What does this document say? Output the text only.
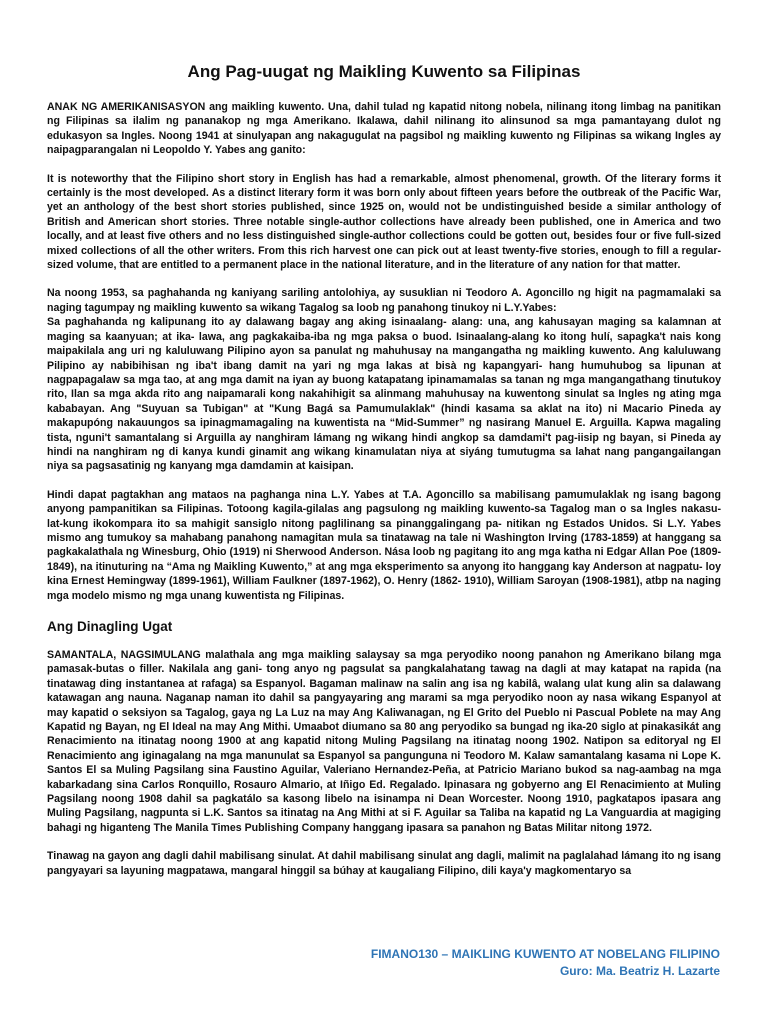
Ang Pag-uugat ng Maikling Kuwento sa Filipinas

ANAK NG AMERIKANISASYON ang maikling kuwento. Una, dahil tulad ng kapatid nitong nobela, nilinang itong limbag na panitikan ng Filipinas sa ilalim ng pananakop ng mga Amerikano. Ikalawa, dahil nilinang ito alinsunod sa mga pamantayang dulot ng edukasyon sa Ingles. Noong 1941 at sinulyapan ang nakagugulat na pagsibol ng maikling kuwento ng Filipinas sa wikang Ingles ay naipagparangalan ni Leopoldo Y. Yabes ang ganito:

It is noteworthy that the Filipino short story in English has had a remarkable, almost phenomenal, growth. Of the literary forms it certainly is the most developed. As a distinct literary form it was born only about fifteen years before the outbreak of the Pacific War, yet an anthology of the best short stories published, since 1925 on, would not be undistinguished beside a similar anthology of British and American short stories. Three notable single-author collections have already been published, one in America and two locally, and at least five others and no less distinguished single-author collections could be gotten out, besides four or five full-sized mixed collections of all the other writers. From this rich harvest one can pick out at least twenty-five stories, enough to fill a regular-sized volume, that are entitled to a permanent place in the national literature, and in the literature of any nation for that matter.

Na noong 1953, sa paghahanda ng kaniyang sariling antolohiya, ay susuklian ni Teodoro A. Agoncillo ng higit na pagmamalaki sa naging tagumpay ng maikling kuwento sa wikang Tagalog sa loob ng panahong tinukoy ni L.Y.Yabes:

Sa paghahanda ng kalipunang ito ay dalawang bagay ang aking isinaalang- alang: una, ang kahusayan maging sa kalamnan at maging sa kaanyuan; at ika- lawa, ang pagkakaiba-iba ng mga paksa o buod. Isinaalang-alang ko itong hulí, sapagka't nais kong maipakilala ang uri ng kaluluwang Pilipino ayon sa panulat ng mahuhusay na mangangatha ng maikling kuwento. Ang kaluluwang Pilipino ay nabibihisan ng iba't ibang damit na yari ng mga lakas at bisà ng kapangyari- hang humuhubog sa lipunan at nagpapagalaw sa mga tao, at ang mga damit na iyan ay buong katapatang ipinamamalas sa tanan ng mga mangangathang tinutukoy rito, Ilan sa mga akda rito ang naipamarali kong nakahihigit sa alinmang mahuhusay na kuwentong sinulat sa Ingles ng ating mga kababayan. Ang "Suyuan sa Tubigan" at "Kung Bagá sa Pamumulaklak" (hindi kasama sa aklat na ito) ni Macario Pineda ay makapupóng nakauungos sa ipinagmamagaling na kuwentista na “Mid-Summer” ng nasirang Manuel E. Arguilla. Kapwa magaling tista, nguni't samantalang si Arguilla ay nanghiram lámang ng wikang hindi angkop sa damdami't pag-iisip ng bayan, si Pineda ay hindi na nanghiram ng di kanya kundi ginamit ang wikang kinamulatan niya at siyáng tumutugma sa lahat nang pangangailangan niya sa pagsasatinig ng kanyang mga damdamin at kaisipan.

Hindi dapat pagtakhan ang mataos na paghanga nina L.Y. Yabes at T.A. Agoncillo sa mabilisang pamumulaklak ng isang bagong anyong pampanitikan sa Filipinas. Totoong kagila-gilalas ang pagsulong ng maikling kuwento-sa Tagalog man o sa Ingles nakasu- lat-kung ikokompara ito sa mahigit sansiglo nitong paglilinang sa pinanggalingang pa- nitikan ng Estados Unidos. Si L.Y. Yabes mismo ang tumukoy sa mahabang panahong namagitan mula sa tinatawag na tale ni Washington Irving (1783-1859) at hanggang sa pagkakalathala ng Winesburg, Ohio (1919) ni Sherwood Anderson. Nása loob ng pagitang ito ang mga katha ni Edgar Allan Poe (1809-1849), na itinuturing na “Ama ng Maikling Kuwento,” at ang mga eksperimento sa anyong ito hanggang kay Anderson at nagpatu- loy kina Ernest Hemingway (1899-1961), William Faulkner (1897-1962), O. Henry (1862- 1910), William Saroyan (1908-1981), atbp na naging mga modelo mismo ng mga unang kuwentista ng Filipinas.

Ang Dinagling Ugat

SAMANTALA, NAGSIMULANG malathala ang mga maikling salaysay sa mga peryodiko noong panahon ng Amerikano bilang mga pamasak-butas o filler. Nakilala ang gani- tong anyo ng pagsulat sa pangkalahatang tawag na dagli at may katapat na rapida (na tinatawag ding instantanea at rafaga) sa Espanyol. Bagaman malinaw na salin ang isa ng kabilâ, walang ulat kung alin sa dalawang katawagan ang nauna. Naganap naman ito dahil sa pangyayaring ang marami sa mga peryodiko noon ay nasa wikang Espanyol at may kapatid o seksiyon sa Tagalog, gaya ng La Luz na may Ang Kaliwanagan, ng El Grito del Pueblo ni Pascual Poblete na may Ang Kapatid ng Bayan, ng El Ideal na may Ang Mithi. Umaabot diumano sa 80 ang peryodiko sa bungad ng ika-20 siglo at pinakasikát ang Renacimiento na itinatag noong 1900 at ang kapatid nitong Muling Pagsilang na itinatag noong 1902. Natipon sa editoryal ng El Renacimiento ang iginagalang na mga manunulat sa Espanyol sa pangunguna ni Teodoro M. Kalaw samantalang kasama ni Lope K. Santos El sa Muling Pagsilang sina Faustino Aguilar, Valeriano Hernandez-Peña, at Patricio Mariano bukod sa nag-aambag na mga kabarkadang sina Carlos Ronquillo, Rosauro Almario, at Iñigo Ed. Regalado. Ipinasara ng gobyerno ang El Renacimiento at Muling Pagsilang noong 1908 dahil sa pagkatálo sa kasong libelo na isinampa ni Dean Worcester. Noong 1910, pagkatapos ipasara ang Muling Pagsilang, nagpunta si L.K. Santos sa itinatag na Ang Mithi at si F. Aguilar sa Taliba na kapatid ng La Vanguardia at magiging bahagi ng higanteng The Manila Times Publishing Company hanggang ipasara sa panahon ng Batas Militar nitong 1972.

Tinawag na gayon ang dagli dahil mabilisang sinulat. At dahil mabilisang sinulat ang dagli, malimit na paglalahad lámang ito ng isang pangyayari sa layuning magpatawa, mangaral hinggil sa búhay at kaugaliang Filipino, dili kaya'y magkomentaryo sa

FIMANO130 – MAIKLING KUWENTO AT NOBELANG FILIPINO
Guro: Ma. Beatriz H. Lazarte
